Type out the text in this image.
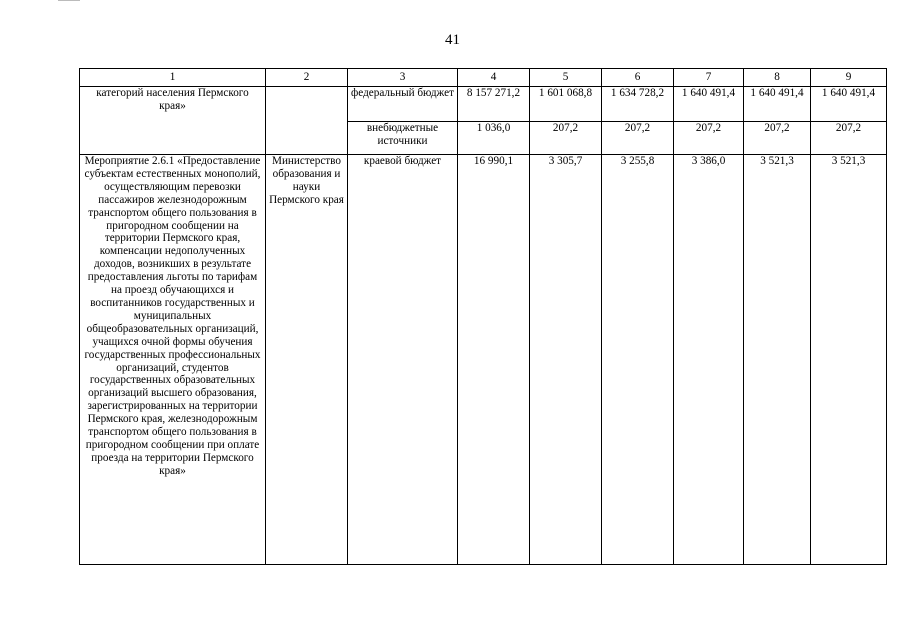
41
1	2	3	4	5	6	7	8	9
категорий населения Пермского края»		федеральный бюджет	8 157 271,2	1 601 068,8	1 634 728,2	1 640 491,4	1 640 491,4	1 640 491,4
		внебюджетные источники	1 036,0	207,2	207,2	207,2	207,2	207,2
Мероприятие 2.6.1 «Предоставление субъектам естественных монополий, осуществляющим перевозки пассажиров железнодорожным транспортом общего пользования в пригородном сообщении на территории Пермского края, компенсации недополученных доходов, возникших в результате предоставления льготы по тарифам на проезд обучающихся и воспитанников государственных и муниципальных общеобразовательных организаций, учащихся очной формы обучения государственных профессиональных организаций, студентов государственных образовательных организаций высшего образования, зарегистрированных на территории Пермского края, железнодорожным транспортом общего пользования в пригородном сообщении при оплате проезда на территории Пермского края»	Министерство образования и науки Пермского края	краевой бюджет	16 990,1	3 305,7	3 255,8	3 386,0	3 521,3	3 521,3
